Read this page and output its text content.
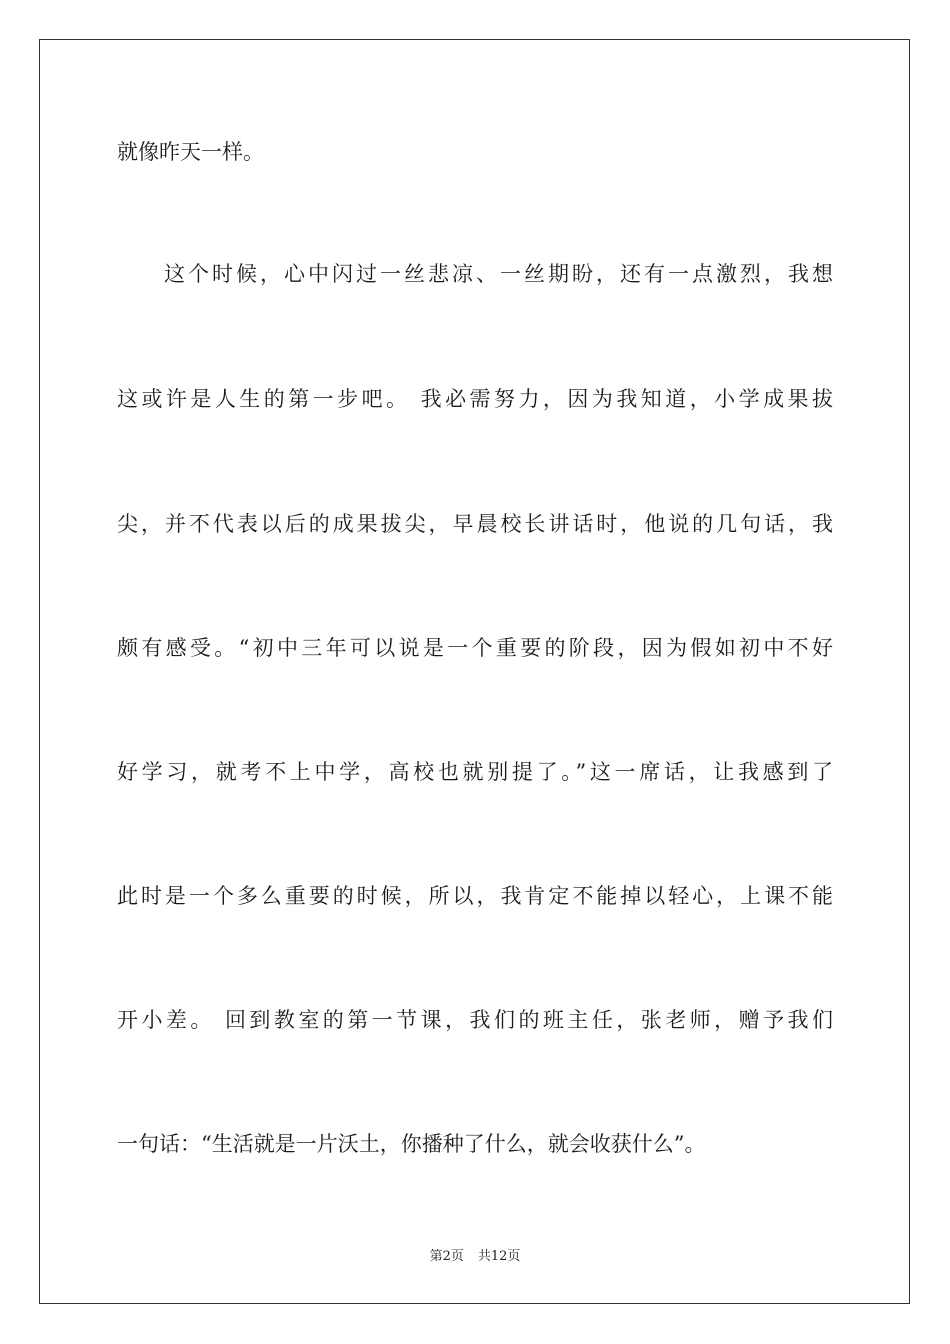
就像昨天一样。
这个时候，心中闪过一丝悲凉、一丝期盼，还有一点激烈，我想
这或许是人生的第一步吧。 我必需努力，因为我知道，小学成果拔
尖，并不代表以后的成果拔尖，早晨校长讲话时，他说的几句话，我
颇有感受。“初中三年可以说是一个重要的阶段，因为假如初中不好
好学习，就考不上中学，高校也就别提了。”这一席话，让我感到了
此时是一个多么重要的时候，所以，我肯定不能掉以轻心，上课不能
开小差。 回到教室的第一节课，我们的班主任，张老师，赠予我们
一句话：“生活就是一片沃土，你播种了什么，就会收获什么”。
第2页 共12页
